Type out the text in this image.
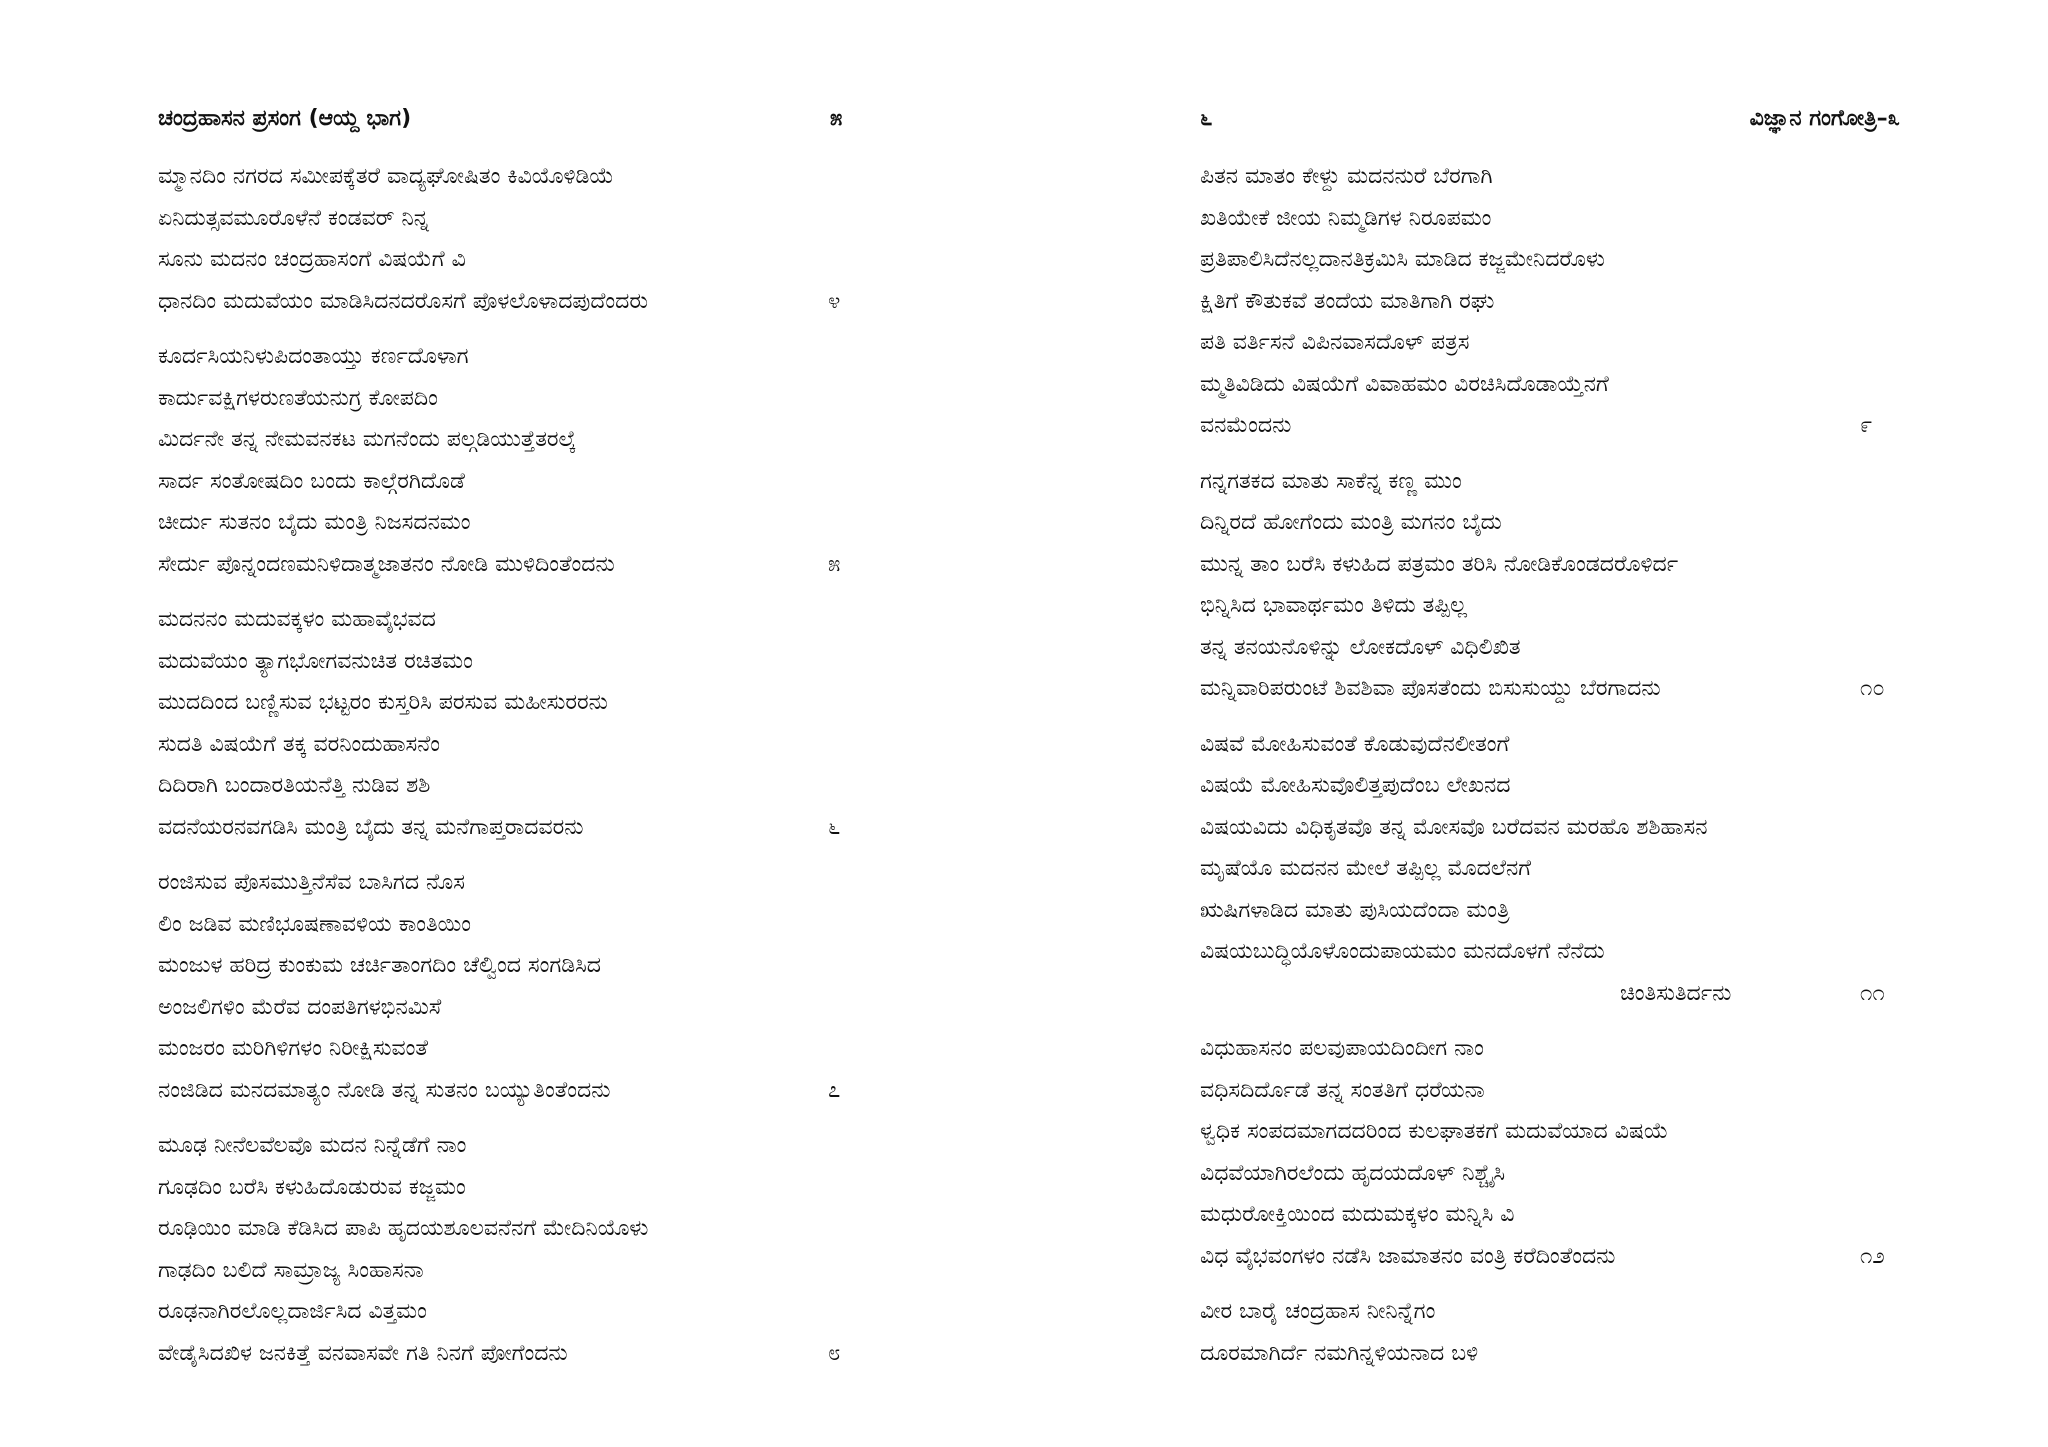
ಚಂದ್ರಹಾಸನ ಪ್ರಸಂಗ (ಆಯ್ದ ಭಾಗ)	೫
ಮ್ಮಾನದಿಂ ನಗರದ ಸಮೀಪಕ್ಕೆತರೆ ವಾದ್ಯಘೋಷಿತಂ ಕಿವಿಯೊಳಿಡಿಯೆ
ಏನಿದುತ್ಸವಮೂರೊಳೆನೆ ಕಂಡವರ್ ನಿನ್ನ
ಸೂನು ಮದನಂ ಚಂದ್ರಹಾಸಂಗೆ ವಿಷಯೆಗೆ ವಿ
ಧಾನದಿಂ ಮದುವೆಯಂ ಮಾಡಿಸಿದನದರೊಸಗೆ ಪೊಳಲೊಳಾದಪುದೆಂದರು	೪
ಕೂರ್ದಸಿಯನಿಳುಪಿದಂತಾಯ್ತು ಕರ್ಣದೊಳಾಗ
ಕಾರ್ದುವಕ್ಷಿಗಳರುಣತೆಯನುಗ್ರ ಕೋಪದಿಂ
ಮಿರ್ದನೇ ತನ್ನ ನೇಮವನಕಟ ಮಗನೆಂದು ಪಲ್ಗಡಿಯುತ್ತೆತರಲ್ಕೆ
ಸಾರ್ದ ಸಂತೋಷದಿಂ ಬಂದು ಕಾಲ್ಗೆರಗಿದೊಡೆ
ಚೀರ್ದು ಸುತನಂ ಬೈದು ಮಂತ್ರಿ ನಿಜಸದನಮಂ
ಸೇರ್ದು ಪೊನ್ನಂದಣಮನಿಳಿದಾತ್ಮಜಾತನಂ ನೋಡಿ ಮುಳಿದಿಂತೆಂದನು	೫
ಮದನನಂ ಮದುವಕ್ಕಳಂ ಮಹಾವೈಭವದ
ಮದುವೆಯಂ ತ್ಯಾಗಭೋಗವನುಚಿತ ರಚಿತಮಂ
ಮುದದಿಂದ ಬಣ್ಣಿಸುವ ಭಟ್ಟರಂ ಕುಸ್ತರಿಸಿ ಪರಸುವ ಮಹೀಸುರರನು
ಸುದತಿ ವಿಷಯೆಗೆ ತಕ್ಕ ವರನಿಂದುಹಾಸನೆಂ
ದಿದಿರಾಗಿ ಬಂದಾರತಿಯನೆತ್ತಿ ನುಡಿವ ಶಶಿ
ವದನೆಯರನವಗಡಿಸಿ ಮಂತ್ರಿ ಬೈದು ತನ್ನ ಮನೆಗಾಪ್ತರಾದವರನು	೬
ರಂಜಿಸುವ ಪೊಸಮುತ್ತಿನೆಸೆವ ಬಾಸಿಗದ ನೊಸ
ಲಿಂ ಜಡಿವ ಮಣಿಭೂಷಣಾವಳಿಯ ಕಾಂತಿಯಿಂ
ಮಂಜುಳ ಹರಿದ್ರ ಕುಂಕುಮ ಚರ್ಚಿತಾಂಗದಿಂ ಚೆಲ್ವಿಂದ ಸಂಗಡಿಸಿದ
ಅಂಜಲಿಗಳಿಂ ಮೆರೆವ ದಂಪತಿಗಳಭಿನಮಿಸೆ
ಮಂಜರಂ ಮರಿಗಿಳಿಗಳಂ ನಿರೀಕ್ಷಿಸುವಂತೆ
ನಂಜಿಡಿದ ಮನದಮಾತ್ಯಂ ನೋಡಿ ತನ್ನ ಸುತನಂ ಬಯ್ಯುತಿಂತೆಂದನು	೭
ಮೂಢ ನೀನೆಲವೆಲವೊ ಮದನ ನಿನ್ನೆಡೆಗೆ ನಾಂ
ಗೂಢದಿಂ ಬರೆಸಿ ಕಳುಹಿದೊಡುರುವ ಕಜ್ಜಮಂ
ರೂಢಿಯಿಂ ಮಾಡಿ ಕೆಡಿಸಿದ ಪಾಪಿ ಹೃದಯಶೂಲವನೆನಗೆ ಮೇದಿನಿಯೊಳು
ಗಾಢದಿಂ ಬಲಿದೆ ಸಾಮ್ರಾಜ್ಯ ಸಿಂಹಾಸನಾ
ರೂಢನಾಗಿರಲೊಲ್ಲದಾರ್ಜಿಸಿದ ವಿತ್ತಮಂ
ವೇಡೈಸಿದಖಿಳ ಜನಕಿತ್ತೆ ವನವಾಸವೇ ಗತಿ ನಿನಗೆ ಪೋಗೆಂದನು	೮
೬	ವಿಜ್ಞಾನ ಗಂಗೋತ್ರಿ–೩
ಪಿತನ ಮಾತಂ ಕೇಳ್ದು ಮದನನುರೆ ಬೆರಗಾಗಿ
ಖತಿಯೇಕೆ ಜೀಯ ನಿಮ್ಮಡಿಗಳ ನಿರೂಪಮಂ
ಪ್ರತಿಪಾಲಿಸಿದೆನಲ್ಲದಾನತಿಕ್ರಮಿಸಿ ಮಾಡಿದ ಕಜ್ಜಮೇನಿದರೊಳು
ಕ್ಷಿತಿಗೆ ಕೌತುಕವೆ ತಂದೆಯ ಮಾತಿಗಾಗಿ ರಘು
ಪತಿ ವರ್ತಿಸನೆ ವಿಪಿನವಾಸದೊಳ್ ಪತ್ರಸ
ಮ್ಮತಿವಿಡಿದು ವಿಷಯೆಗೆ ವಿವಾಹಮಂ ವಿರಚಿಸಿದೊಡಾಯ್ತೆನಗೆ
ವನಮೆಂದನು	೯
ಗನ್ನಗತಕದ ಮಾತು ಸಾಕೆನ್ನ ಕಣ್ಣ ಮುಂ
ದಿನ್ನಿರದೆ ಹೋಗೆಂದು ಮಂತ್ರಿ ಮಗನಂ ಬೈದು
ಮುನ್ನ ತಾಂ ಬರೆಸಿ ಕಳುಹಿದ ಪತ್ರಮಂ ತರಿಸಿ ನೋಡಿಕೊಂಡದರೊಳಿರ್ದ
ಭಿನ್ನಿಸಿದ ಭಾವಾರ್ಥಮಂ ತಿಳಿದು ತಪ್ಪಿಲ್ಲ
ತನ್ನ ತನಯನೊಳಿನ್ನು ಲೋಕದೊಳ್ ವಿಧಿಲಿಖಿತ
ಮನ್ನಿವಾರಿಪರುಂಟೆ ಶಿವಶಿವಾ ಪೊಸತೆಂದು ಬಿಸುಸುಯ್ದು ಬೆರಗಾದನು	೧೦
ವಿಷವೆ ಮೋಹಿಸುವಂತೆ ಕೊಡುವುದೆನಲೀತಂಗೆ
ವಿಷಯೆ ಮೋಹಿಸುವೊಲಿತ್ತಪುದೆಂಬ ಲೇಖನದ
ವಿಷಯವಿದು ವಿಧಿಕೃತವೊ ತನ್ನ ಮೋಸವೊ ಬರೆದವನ ಮರಹೊ ಶಶಿಹಾಸನ
ಮೃಷೆಯೊ ಮದನನ ಮೇಲೆ ತಪ್ಪಿಲ್ಲ ಮೊದಲೆನಗೆ
ಋಷಿಗಳಾಡಿದ ಮಾತು ಪುಸಿಯದೆಂದಾ ಮಂತ್ರಿ
ವಿಷಯಬುದ್ಧಿಯೊಳೊಂದುಪಾಯಮಂ ಮನದೊಳಗೆ ನೆನೆದು
ಚಿಂತಿಸುತಿರ್ದನು	೧೧
ವಿಧುಹಾಸನಂ ಪಲವುಪಾಯದಿಂದೀಗ ನಾಂ
ವಧಿಸದಿರ್ದೊಡೆ ತನ್ನ ಸಂತತಿಗೆ ಧರೆಯನಾ
ಳ್ವಧಿಕ ಸಂಪದಮಾಗದದರಿಂದ ಕುಲಘಾತಕಗೆ ಮದುವೆಯಾದ ವಿಷಯೆ
ವಿಧವೆಯಾಗಿರಲೆಂದು ಹೃದಯದೊಳ್ ನಿಶ್ಚೈಸಿ
ಮಧುರೋಕ್ತಿಯಿಂದ ಮದುಮಕ್ಕಳಂ ಮನ್ನಿಸಿ ವಿ
ವಿಧ ವೈಭವಂಗಳಂ ನಡೆಸಿ ಜಾಮಾತನಂ ವಂತ್ರಿ ಕರೆದಿಂತೆಂದನು	೧೨
ವೀರ ಬಾರೈ ಚಂದ್ರಹಾಸ ನೀನಿನ್ನೆಗಂ
ದೂರಮಾಗಿರ್ದೆ ನಮಗಿನ್ನಳಿಯನಾದ ಬಳಿ
